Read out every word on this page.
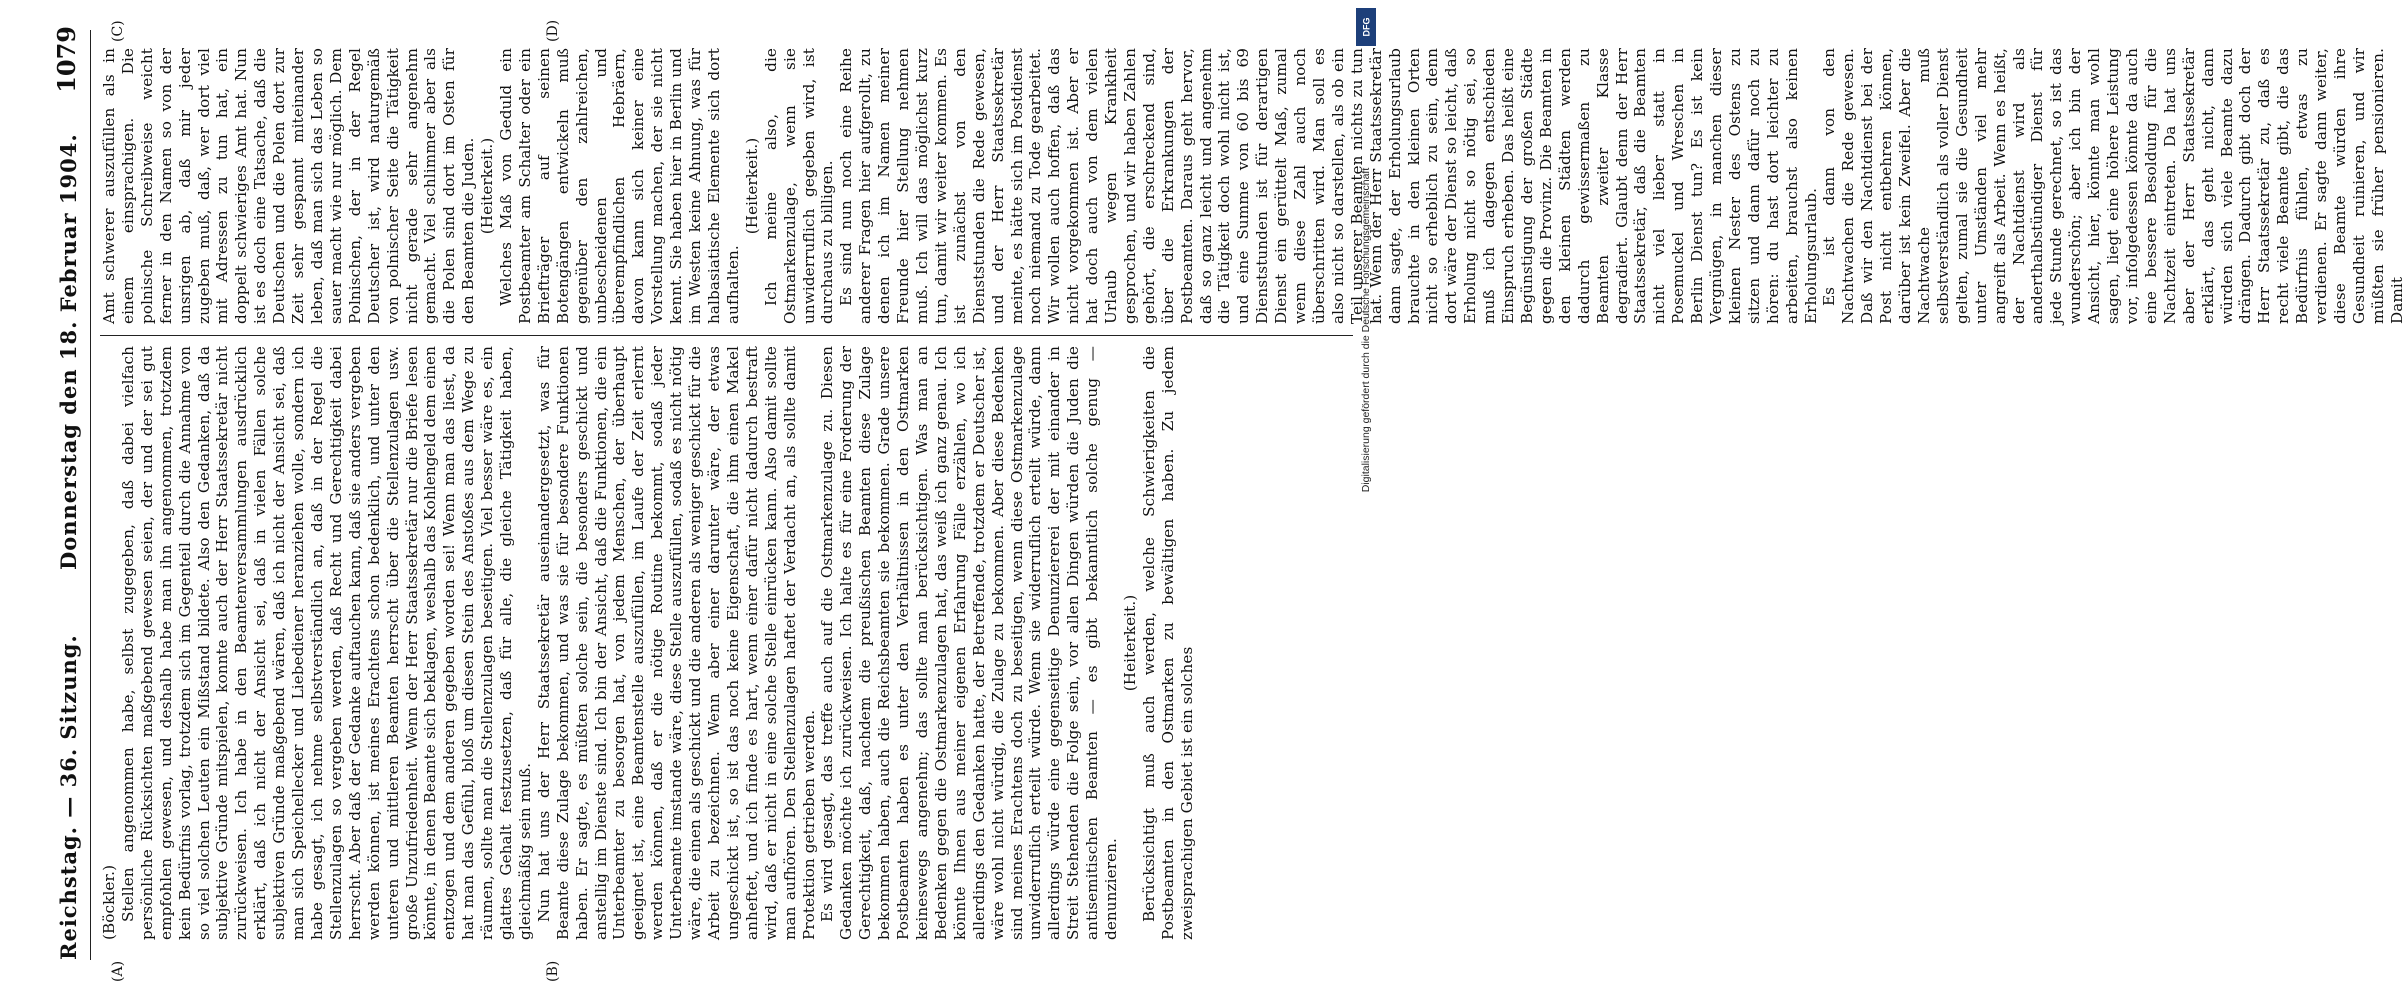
Reichstag. — 36. Sitzung.
Donnerstag den 18. Februar 1904.
1079
(A)	(B)
(C)	(D)

(Böckler.) Stellen angenommen habe, selbst zugegeben, daß dabei vielfach persönliche Rücksichten maßgebend gewesen seien, der und der sei gut empfohlen gewesen, und deshalb habe man ihn angenommen, trotzdem kein Bedürfnis vorlag, trotzdem sich im Gegenteil durch die Annahme von so viel solchen Leuten ein Mißstand bildete. Also den Gedanken, daß da subjektive Gründe mitspielen, konnte auch der Herr Staatssekretär nicht zurückweisen. Ich habe in den Beamtenversammlungen ausdrücklich erklärt, daß ich nicht der Ansicht sei, daß in vielen Fällen solche subjektiven Gründe maßgebend wären, daß ich nicht der Ansicht sei, daß man sich Speichellecker und Liebediener heranziehen wolle, sondern ich habe gesagt, ich nehme selbstverständlich an, daß in der Regel die Stellenzulagen so vergeben werden, daß Recht und Gerechtigkeit dabei herrscht. Aber daß der Gedanke auftauchen kann, daß sie anders vergeben werden können, ist meines Erachtens schon bedenklich, und unter den unteren und mittleren Beamten herrscht über die Stellenzulagen usw. große Unzufriedenheit. Wenn der Herr Staatssekretär nur die Briefe lesen könnte, in denen Beamte sich beklagen, weshalb das Kohlengeld dem einen entzogen und dem anderen gegeben worden sei! Wenn man das liest, da hat man das Gefühl, bloß um diesen Stein des Anstoßes aus dem Wege zu räumen, sollte man die Stellenzulagen beseitigen. Viel besser wäre es, ein glattes Gehalt festzusetzen, daß für alle, die gleiche Tätigkeit haben, gleichmäßig sein muß. Nun hat uns der Herr Staatssekretär auseinandergesetzt, was für Beamte diese Zulage bekommen, und was sie für besondere Funktionen haben. Er sagte, es müßten solche sein, die besonders geschickt und anstellig im Dienste sind. Ich bin der Ansicht, daß die Funktionen, die ein Unterbeamter zu besorgen hat, von jedem Menschen, der überhaupt geeignet ist, eine Beamtenstelle auszufüllen, im Laufe der Zeit erlernt werden können, daß er die nötige Routine bekommt, sodaß jeder Unterbeamte imstande wäre, diese Stelle auszufüllen, sodaß es nicht nötig wäre, die einen als geschickt und die anderen als weniger geschickt für die Arbeit zu bezeichnen. Wenn aber einer darunter wäre, der etwas ungeschickt ist, so ist das noch keine Eigenschaft, die ihm einen Makel anheftet, und ich finde es hart, wenn einer dafür nicht dadurch bestraft wird, daß er nicht in eine solche Stelle einrücken kann. Also damit sollte man aufhören. Den Stellenzulagen haftet der Verdacht an, als sollte damit Protektion getrieben werden. Es wird gesagt, das treffe auch auf die Ostmarkenzulage zu. Diesen Gedanken möchte ich zurückweisen. Ich halte es für eine Forderung der Gerechtigkeit, daß, nachdem die preußischen Beamten diese Zulage bekommen haben, auch die Reichsbeamten sie bekommen. Grade unsere Postbeamten haben es unter den Verhältnissen in den Ostmarken keineswegs angenehm; das sollte man berücksichtigen. Was man an Bedenken gegen die Ostmarkenzulagen hat, das weiß ich ganz genau. Ich könnte Ihnen aus meiner eigenen Erfahrung Fälle erzählen, wo ich allerdings den Gedanken hatte, der Betreffende, trotzdem er Deutscher ist, wäre wohl nicht würdig, die Zulage zu bekommen. Aber diese Bedenken sind meines Erachtens doch zu beseitigen, wenn diese Ostmarkenzulage unwiderruflich erteilt würde. Wenn sie widerruflich erteilt würde, dann allerdings würde eine gegenseitige Denunziererei der mit einander in Streit Stehenden die Folge sein, vor allen Dingen würden die Juden die antisemitischen Beamten — es gibt bekanntlich solche genug — denunzieren.

(Heiterkeit.) Berücksichtigt muß auch werden, welche Schwierigkeiten die Postbeamten in den Ostmarken zu bewältigen haben. Zu jedem zweisprachigen Gebiet ist ein solches

Amt schwerer auszufüllen als in einem einsprachigen. Die polnische Schreibweise weicht ferner in den Namen so von der unsrigen ab, daß mir jeder zugeben muß, daß, wer dort viel mit Adressen zu tun hat, ein doppelt schwieriges Amt hat. Nun ist es doch eine Tatsache, daß die Deutschen und die Polen dort zur Zeit sehr gespannt miteinander leben, daß man sich das Leben so sauer macht wie nur möglich. Dem Polnischen, der in der Regel Deutscher ist, wird naturgemäß von polnischer Seite die Tätigkeit nicht gerade sehr angenehm gemacht. Viel schlimmer aber als die Polen sind dort im Osten für den Beamten die Juden. (Heiterkeit.) Welches Maß von Geduld ein Postbeamter am Schalter oder ein Briefträger auf seinen Botengängen entwickeln muß gegenüber den zahlreichen, unbescheidenen und überempfindlichen Hebräern, davon kann sich keiner eine Vorstellung machen, der sie nicht kennt. Sie haben hier in Berlin und im Westen keine Ahnung, was für halbasiatische Elemente sich dort aufhalten.

(Heiterkeit.) Ich meine also, die Ostmarkenzulage, wenn sie unwiderruflich gegeben wird, ist durchaus zu billigen. Es sind nun noch eine Reihe anderer Fragen hier aufgerollt, zu denen ich im Namen meiner Freunde hier Stellung nehmen muß. Ich will das möglichst kurz tun, damit wir weiter kommen. Es ist zunächst von den Dienststunden die Rede gewesen, und der Herr Staatssekretär meinte, es hätte sich im Postdienst noch niemand zu Tode gearbeitet. Wir wollen auch hoffen, daß das nicht vorgekommen ist. Aber er hat doch auch von dem vielen Urlaub wegen Krankheit gesprochen, und wir haben Zahlen gehört, die erschreckend sind, über die Erkrankungen der Postbeamten. Daraus geht hervor, daß so ganz leicht und angenehm die Tätigkeit doch wohl nicht ist, und eine Summe von 60 bis 69 Dienststunden ist für derartigen Dienst ein gerüttelt Maß, zumal wenn diese Zahl auch noch überschritten wird. Man soll es also nicht so darstellen, als ob ein Teil unserer Beamten nichts zu tun hat. Wenn der Herr Staatssekretär dann sagte, der Erholungsurlaub brauchte in den kleinen Orten nicht so erheblich zu sein, denn dort wäre der Dienst so leicht, daß Erholung nicht so nötig sei, so muß ich dagegen entschieden Einspruch erheben. Das heißt eine Begünstigung der großen Städte gegen die Provinz. Die Beamten in den kleinen Städten werden dadurch gewissermaßen zu Beamten zweiter Klasse degradiert. Glaubt denn der Herr Staatssekretär, daß die Beamten nicht viel lieber statt in Posemuckel und Wreschen in Berlin Dienst tun? Es ist kein Vergnügen, in manchen dieser kleinen Nester des Ostens zu sitzen und dann dafür noch zu hören: du hast dort leichter zu arbeiten, brauchst also keinen Erholungsurlaub. Es ist dann von den Nachtwachen die Rede gewesen. Daß wir den Nachtdienst bei der Post nicht entbehren können, darüber ist kein Zweifel. Aber die Nachtwache muß selbstverständlich als voller Dienst gelten, zumal sie die Gesundheit unter Umständen viel mehr angreift als Arbeit. Wenn es heißt, der Nachtdienst wird als anderthalbstündiger Dienst für jede Stunde gerechnet, so ist das wunderschön; aber ich bin der Ansicht, hier, könnte man wohl sagen, liegt eine höhere Leistung vor, infolgedessen könnte da auch eine bessere Besoldung für die Nachtzeit eintreten. Da hat uns aber der Herr Staatssekretär erklärt, das geht nicht, dann würden sich viele Beamte dazu drängen. Dadurch gibt doch der Herr Staatssekretär zu, daß es recht viele Beamte gibt, die das Bedürfnis fühlen, etwas zu verdienen. Er sagte dann weiter, diese Beamte würden ihre Gesundheit ruinieren, und wir müßten sie früher pensionieren. Damit

DFG
Digitalisierung gefördert durch die Deutsche Forschungsgemeinschaft
